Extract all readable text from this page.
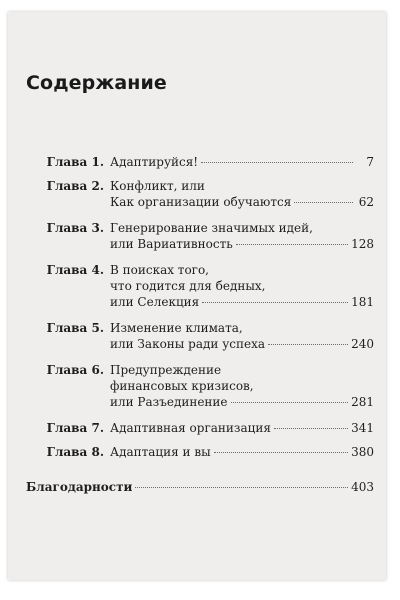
Содержание
Глава 1. Адаптируйся!	7
Глава 2. Конфликт, или
Как организации обучаются	62
Глава 3. Генерирование значимых идей,
или Вариативность	128
Глава 4. В поисках того,
что годится для бедных,
или Селекция	181
Глава 5. Изменение климата,
или Законы ради успеха	240
Глава 6. Предупреждение
финансовых кризисов,
или Разъединение	281
Глава 7. Адаптивная организация	341
Глава 8. Адаптация и вы	380
Благодарности	403
